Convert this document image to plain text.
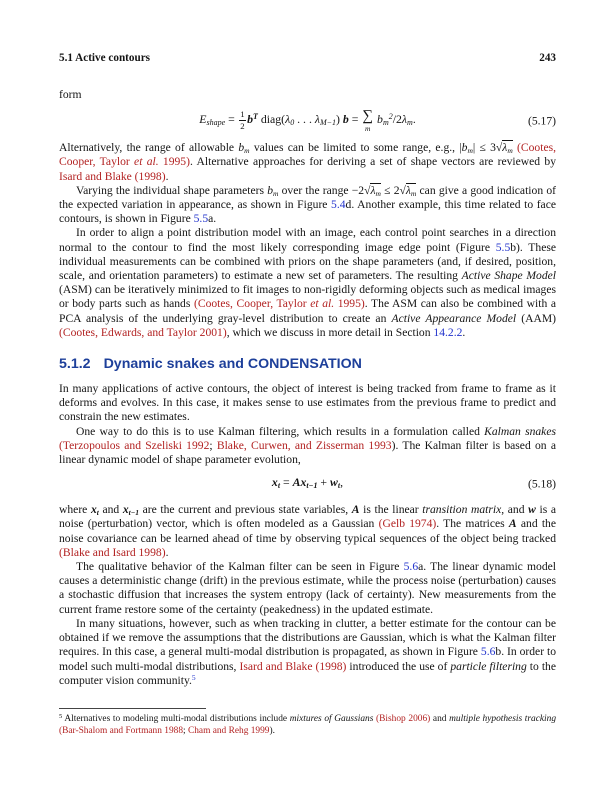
5.1 Active contours	243

form

$E_{shape} = \frac{1}{2} b^T$ $diag(\lambda_0$ . . . $\lambda_{M-1}$) b = ∑
m
$b_m^2/2\lambda_m$.	(5.17)

Alternatively, the range of allowable $b_m$ values can be limited to some range, e.g., $|b_m| \le 3√\lambda_m$ (Cootes, Cooper, Taylor et al. 1995). Alternative approaches for deriving a set of shape vectors are reviewed by Isard and Blake (1998).

Varying the individual shape parameters $b_m$ over the range $-2√\lambda_m \le 2√\lambda_m$ can give a good indication of the expected variation in appearance, as shown in Figure 5.4d. Another example, this time related to face contours, is shown in Figure 5.5a.

In order to align a point distribution model with an image, each control point searches in a direction normal to the contour to find the most likely corresponding image edge point (Figure 5.5b). These individual measurements can be combined with priors on the shape parameters (and, if desired, position, scale, and orientation parameters) to estimate a new set of parameters. The resulting Active Shape Model (ASM) can be iteratively minimized to fit images to non-rigidly deforming objects such as medical images or body parts such as hands (Cootes, Cooper, Taylor et al. 1995). The ASM can also be combined with a PCA analysis of the underlying gray-level distribution to create an Active Appearance Model (AAM) (Cootes, Edwards, and Taylor 2001), which we discuss in more detail in Section 14.2.2.

5.1.2 Dynamic snakes and CONDENSATION

In many applications of active contours, the object of interest is being tracked from frame to frame as it deforms and evolves. In this case, it makes sense to use estimates from the previous frame to predict and constrain the new estimates.

One way to do this is to use Kalman filtering, which results in a formulation called Kalman snakes (Terzopoulos and Szeliski 1992; Blake, Curwen, and Zisserman 1993). The Kalman filter is based on a linear dynamic model of shape parameter evolution,

$x_t = Ax_{t-1} + w_t$,	(5.18)

where $x_t$ and $x_{t-1}$ are the current and previous state variables, A is the linear transition matrix, and w is a noise (perturbation) vector, which is often modeled as a Gaussian (Gelb 1974). The matrices A and the noise covariance can be learned ahead of time by observing typical sequences of the object being tracked (Blake and Isard 1998).

The qualitative behavior of the Kalman filter can be seen in Figure 5.6a. The linear dynamic model causes a deterministic change (drift) in the previous estimate, while the process noise (perturbation) causes a stochastic diffusion that increases the system entropy (lack of certainty). New measurements from the current frame restore some of the certainty (peakedness) in the updated estimate.

In many situations, however, such as when tracking in clutter, a better estimate for the contour can be obtained if we remove the assumptions that the distributions are Gaussian, which is what the Kalman filter requires. In this case, a general multi-modal distribution is propagated, as shown in Figure 5.6b. In order to model such multi-modal distributions, Isard and Blake (1998) introduced the use of particle filtering to the computer vision community.$^5$

$^5$ Alternatives to modeling multi-modal distributions include mixtures of Gaussians (Bishop 2006) and multiple hypothesis tracking (Bar-Shalom and Fortmann 1988; Cham and Rehg 1999).
